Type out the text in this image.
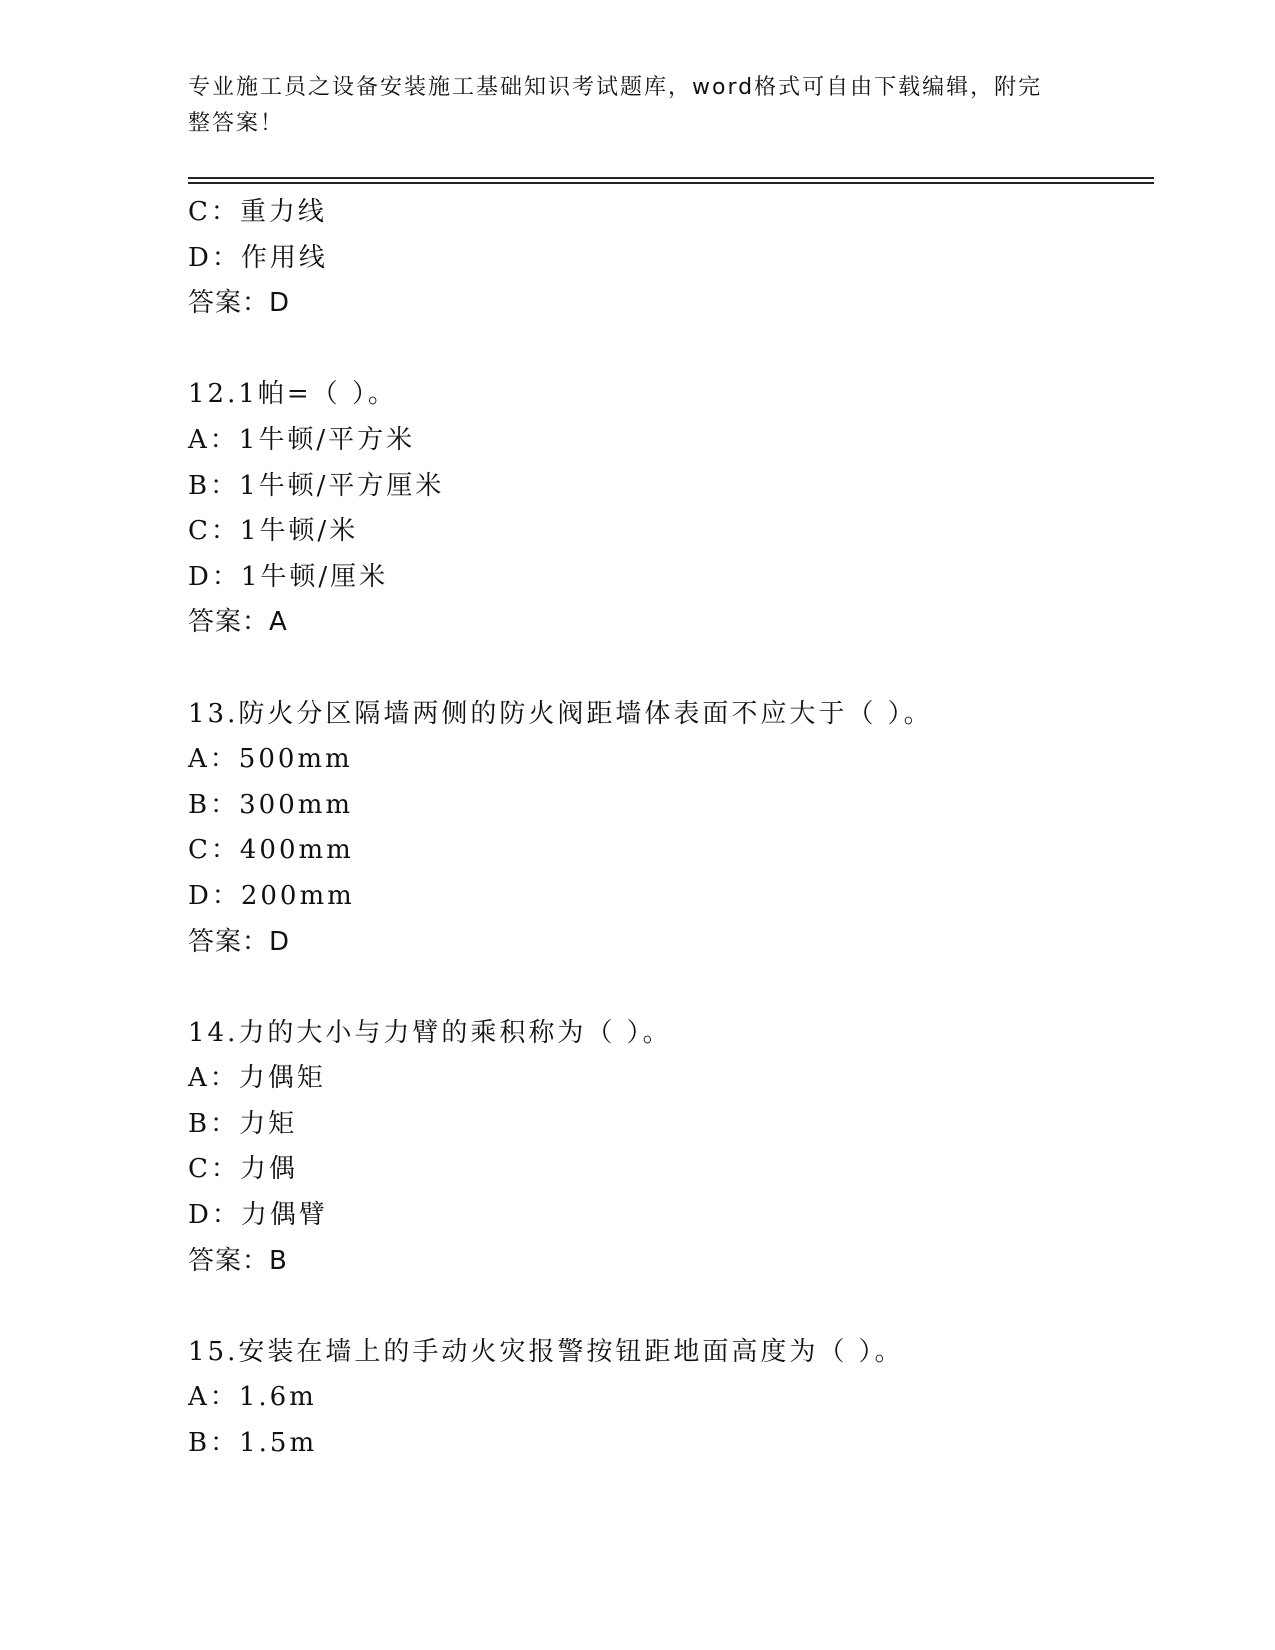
专业施工员之设备安装施工基础知识考试题库，word格式可自由下载编辑，附完
整答案！
C：重力线
D：作用线
答案：D
12.1帕=（ ）。
A：1牛顿/平方米
B：1牛顿/平方厘米
C：1牛顿/米
D：1牛顿/厘米
答案：A
13.防火分区隔墙两侧的防火阀距墙体表面不应大于（ ）。
A：500mm
B：300mm
C：400mm
D：200mm
答案：D
14.力的大小与力臂的乘积称为（ ）。
A：力偶矩
B：力矩
C：力偶
D：力偶臂
答案：B
15.安装在墙上的手动火灾报警按钮距地面高度为（ ）。
A：1.6m
B：1.5m
